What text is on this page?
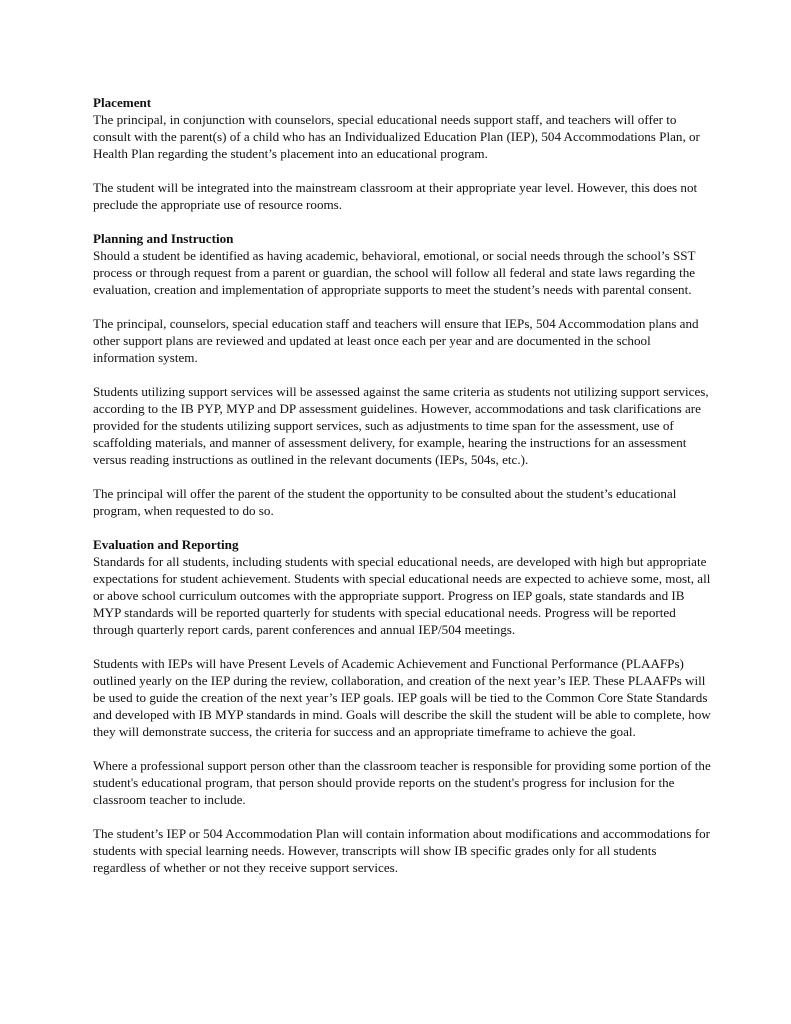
Placement

The principal, in conjunction with counselors, special educational needs support staff, and teachers will offer to consult with the parent(s) of a child who has an Individualized Education Plan (IEP), 504 Accommodations Plan, or Health Plan regarding the student’s placement into an educational program.

The student will be integrated into the mainstream classroom at their appropriate year level. However, this does not preclude the appropriate use of resource rooms.

Planning and Instruction

Should a student be identified as having academic, behavioral, emotional, or social needs through the school’s SST process or through request from a parent or guardian, the school will follow all federal and state laws regarding the evaluation, creation and implementation of appropriate supports to meet the student’s needs with parental consent.

The principal, counselors, special education staff and teachers will ensure that IEPs, 504 Accommodation plans and other support plans are reviewed and updated at least once each per year and are documented in the school information system.

Students utilizing support services will be assessed against the same criteria as students not utilizing support services, according to the IB PYP, MYP and DP assessment guidelines. However, accommodations and task clarifications are provided for the students utilizing support services, such as adjustments to time span for the assessment, use of scaffolding materials, and manner of assessment delivery, for example, hearing the instructions for an assessment versus reading instructions as outlined in the relevant documents (IEPs, 504s, etc.).

The principal will offer the parent of the student the opportunity to be consulted about the student’s educational program, when requested to do so.

Evaluation and Reporting

Standards for all students, including students with special educational needs, are developed with high but appropriate expectations for student achievement. Students with special educational needs are expected to achieve some, most, all or above school curriculum outcomes with the appropriate support. Progress on IEP goals, state standards and IB MYP standards will be reported quarterly for students with special educational needs. Progress will be reported through quarterly report cards, parent conferences and annual IEP/504 meetings.

Students with IEPs will have Present Levels of Academic Achievement and Functional Performance (PLAAFPs) outlined yearly on the IEP during the review, collaboration, and creation of the next year’s IEP. These PLAAFPs will be used to guide the creation of the next year’s IEP goals. IEP goals will be tied to the Common Core State Standards and developed with IB MYP standards in mind. Goals will describe the skill the student will be able to complete, how they will demonstrate success, the criteria for success and an appropriate timeframe to achieve the goal.

Where a professional support person other than the classroom teacher is responsible for providing some portion of the student's educational program, that person should provide reports on the student's progress for inclusion for the classroom teacher to include.

The student’s IEP or 504 Accommodation Plan will contain information about modifications and accommodations for students with special learning needs. However, transcripts will show IB specific grades only for all students regardless of whether or not they receive support services.
